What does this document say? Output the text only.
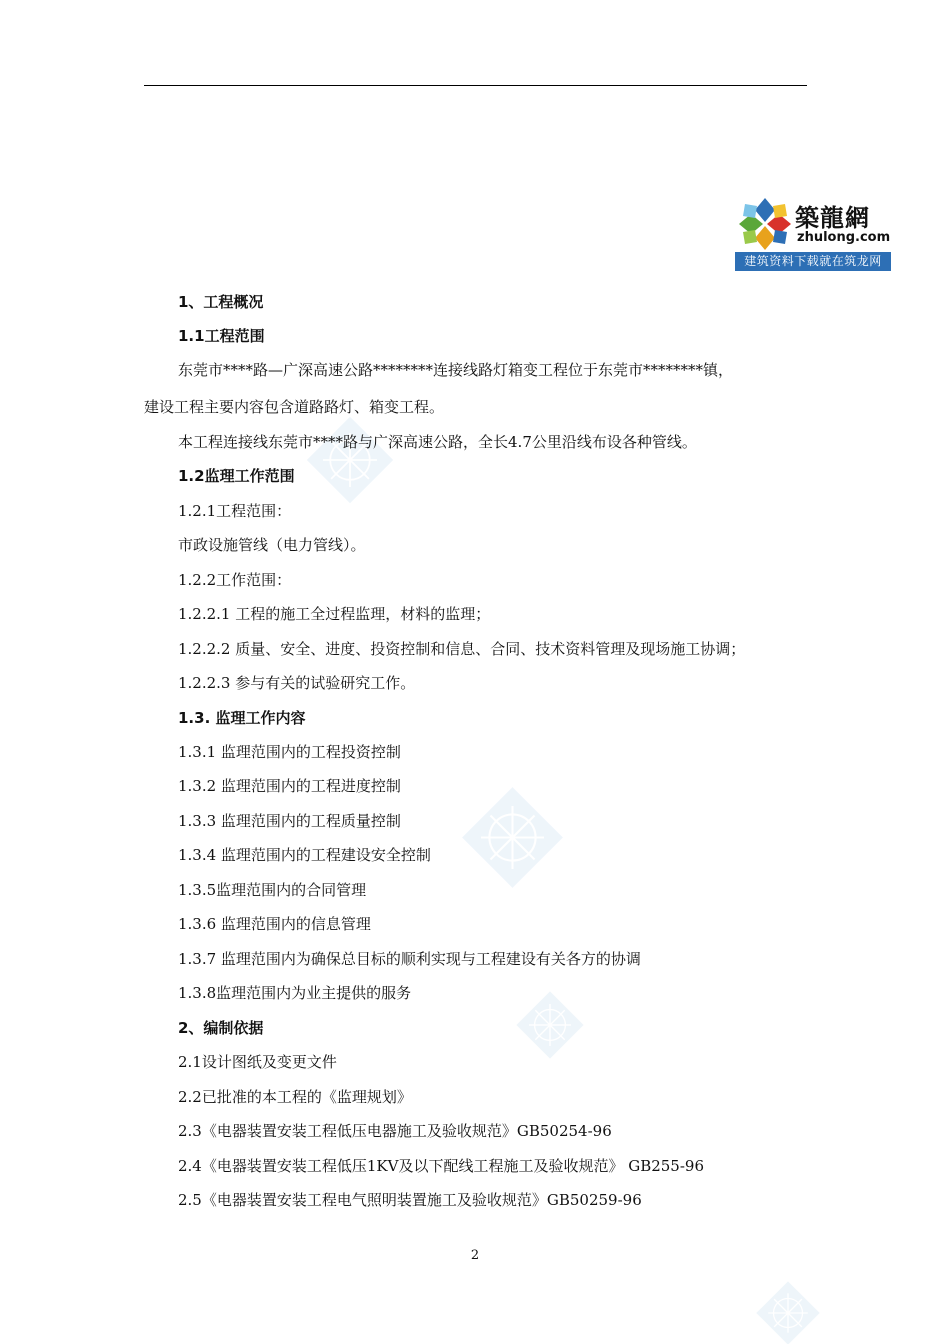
築龍網
zhulong.com
建筑资料下载就在筑龙网
1、工程概况
1.1工程范围
东莞市****路—广深高速公路********连接线路灯箱变工程位于东莞市********镇，
建设工程主要内容包含道路路灯、箱变工程。
本工程连接线东莞市****路与广深高速公路，全长4.7公里沿线布设各种管线。
1.2监理工作范围
1.2.1工程范围：
市政设施管线（电力管线）。
1.2.2工作范围：
1.2.2.1 工程的施工全过程监理，材料的监理；
1.2.2.2 质量、安全、进度、投资控制和信息、合同、技术资料管理及现场施工协调；
1.2.2.3 参与有关的试验研究工作。
1.3. 监理工作内容
1.3.1 监理范围内的工程投资控制
1.3.2 监理范围内的工程进度控制
1.3.3 监理范围内的工程质量控制
1.3.4 监理范围内的工程建设安全控制
1.3.5监理范围内的合同管理
1.3.6 监理范围内的信息管理
1.3.7 监理范围内为确保总目标的顺利实现与工程建设有关各方的协调
1.3.8监理范围内为业主提供的服务
2、编制依据
2.1设计图纸及变更文件
2.2已批准的本工程的《监理规划》
2.3《电器装置安装工程低压电器施工及验收规范》GB50254-96
2.4《电器装置安装工程低压1KV及以下配线工程施工及验收规范》 GB255-96
2.5《电器装置安装工程电气照明装置施工及验收规范》GB50259-96
2
